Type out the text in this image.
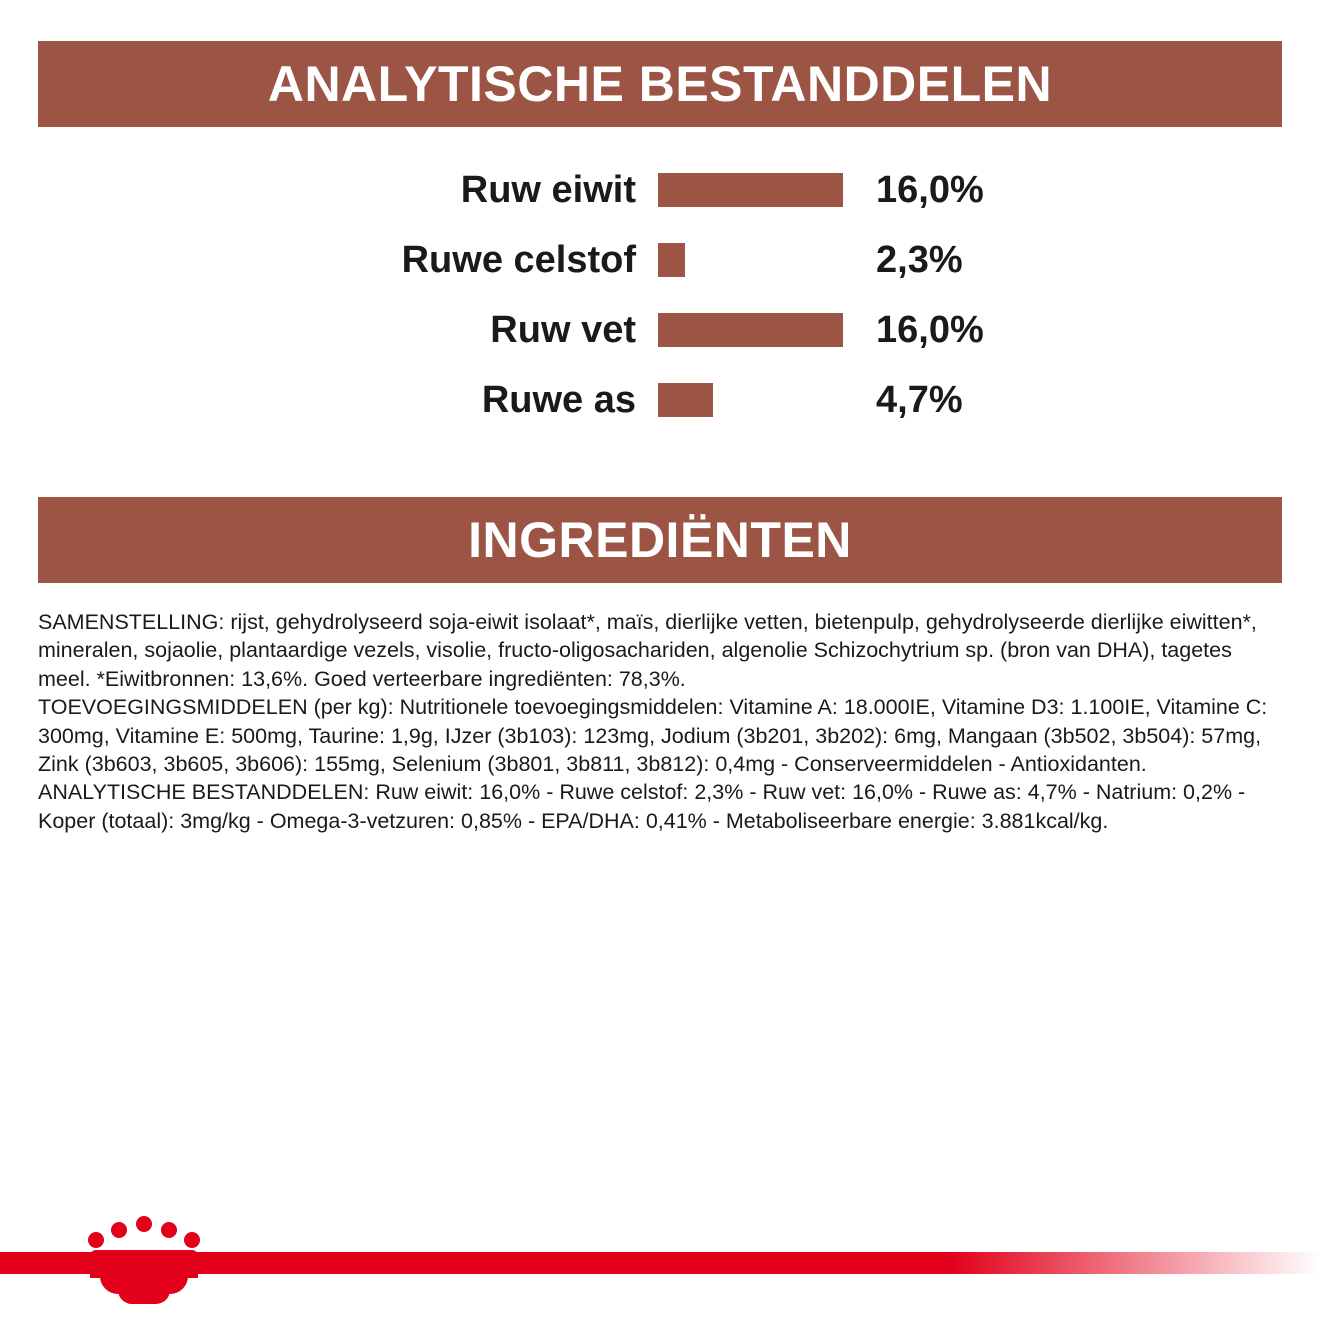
ANALYTISCHE BESTANDDELEN
Ruw eiwit	16,0%
Ruwe celstof	2,3%
Ruw vet	16,0%
Ruwe as	4,7%
INGREDIËNTEN

SAMENSTELLING: rijst, gehydrolyseerd soja-eiwit isolaat*, maïs, dierlijke vetten, bietenpulp, gehydrolyseerde dierlijke eiwitten*, mineralen, sojaolie, plantaardige vezels, visolie, fructo-oligosachariden, algenolie Schizochytrium sp. (bron van DHA), tagetes meel. *Eiwitbronnen: 13,6%. Goed verteerbare ingrediënten: 78,3%.

TOEVOEGINGSMIDDELEN (per kg): Nutritionele toevoegingsmiddelen: Vitamine A: 18.000IE, Vitamine D3: 1.100IE, Vitamine C: 300mg, Vitamine E: 500mg, Taurine: 1,9g, IJzer (3b103): 123mg, Jodium (3b201, 3b202): 6mg, Mangaan (3b502, 3b504): 57mg, Zink (3b603, 3b605, 3b606): 155mg, Selenium (3b801, 3b811, 3b812): 0,4mg - Conserveermiddelen - Antioxidanten.

ANALYTISCHE BESTANDDELEN: Ruw eiwit: 16,0% - Ruwe celstof: 2,3% - Ruw vet: 16,0% - Ruwe as: 4,7% - Natrium: 0,2% - Koper (totaal): 3mg/kg - Omega-3-vetzuren: 0,85% - EPA/DHA: 0,41% - Metaboliseerbare energie: 3.881kcal/kg.
